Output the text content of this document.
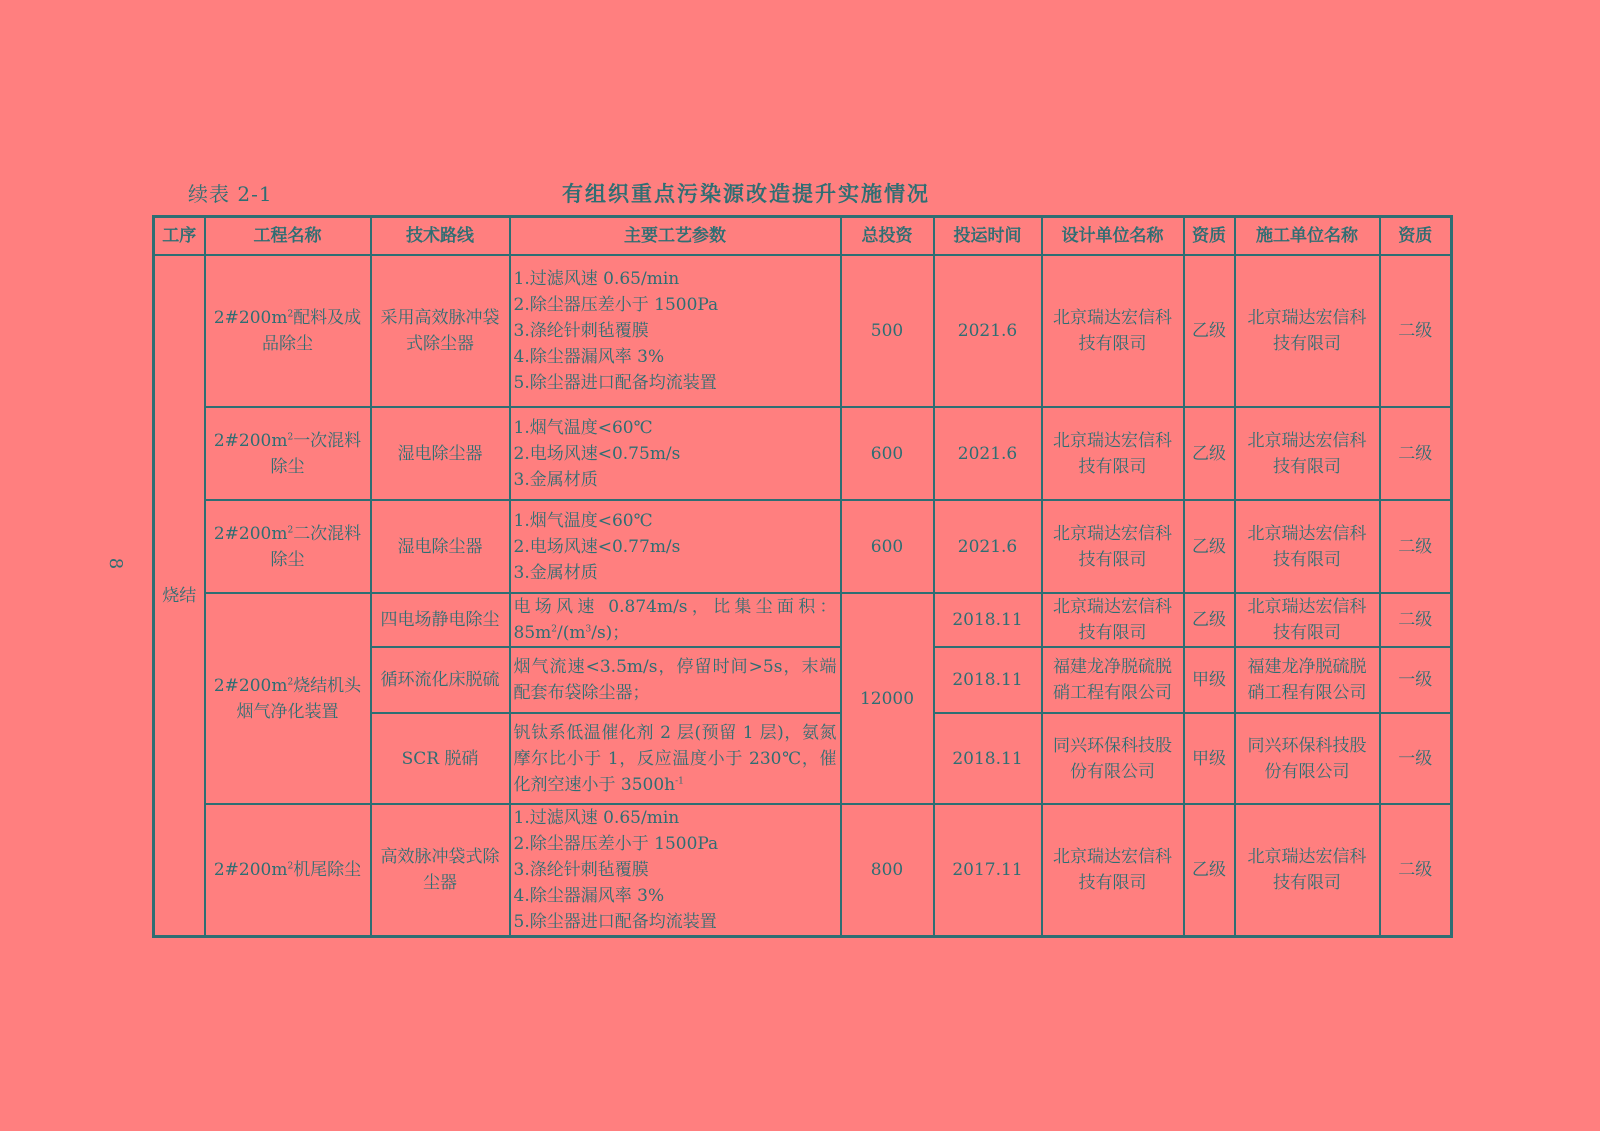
续表 2-1	有组织重点污染源改造提升实施情况
8
工序	工程名称	技术路线	主要工艺参数	总投资	投运时间	设计单位名称	资质	施工单位名称	资质
烧结	$2\#200m^2$配料及成品除尘	采用高效脉冲袋式除尘器	1.过滤风速 0.65/min
2.除尘器压差小于 1500Pa
3.涤纶针刺毡覆膜
4.除尘器漏风率 3%
5.除尘器进口配备均流装置	500	2021.6	北京瑞达宏信科技有限司	乙级	北京瑞达宏信科技有限司	二级
	$2\#200m^2$一次混料除尘	湿电除尘器	1.烟气温度<60℃
2.电场风速<0.75m/s
3.金属材质	600	2021.6	北京瑞达宏信科技有限司	乙级	北京瑞达宏信科技有限司	二级
	$2\#200m^2$二次混料除尘	湿电除尘器	1.烟气温度<60℃
2.电场风速<0.77m/s
3.金属材质	600	2021.6	北京瑞达宏信科技有限司	乙级	北京瑞达宏信科技有限司	二级
	$2\#200m^2$烧结机头烟气净化装置	四电场静电除尘	电场风速 0.874m/s，比集尘面积：$85m^2/(m^3/s)$；	12000	2018.11	北京瑞达宏信科技有限司	乙级	北京瑞达宏信科技有限司	二级
		循环流化床脱硫	烟气流速<3.5m/s，停留时间>5s，末端配套布袋除尘器；		2018.11	福建龙净脱硫脱硝工程有限公司	甲级	福建龙净脱硫脱硝工程有限公司	一级
		SCR 脱硝	钒钛系低温催化剂 2 层(预留 1 层)，氨氮摩尔比小于 1，反应温度小于 230℃，催化剂空速小于 $3500h^{-1}$		2018.11	同兴环保科技股份有限公司	甲级	同兴环保科技股份有限公司	一级
	$2\#200m^2$机尾除尘	高效脉冲袋式除尘器	1.过滤风速 0.65/min
2.除尘器压差小于 1500Pa
3.涤纶针刺毡覆膜
4.除尘器漏风率 3%
5.除尘器进口配备均流装置	800	2017.11	北京瑞达宏信科技有限司	乙级	北京瑞达宏信科技有限司	二级
